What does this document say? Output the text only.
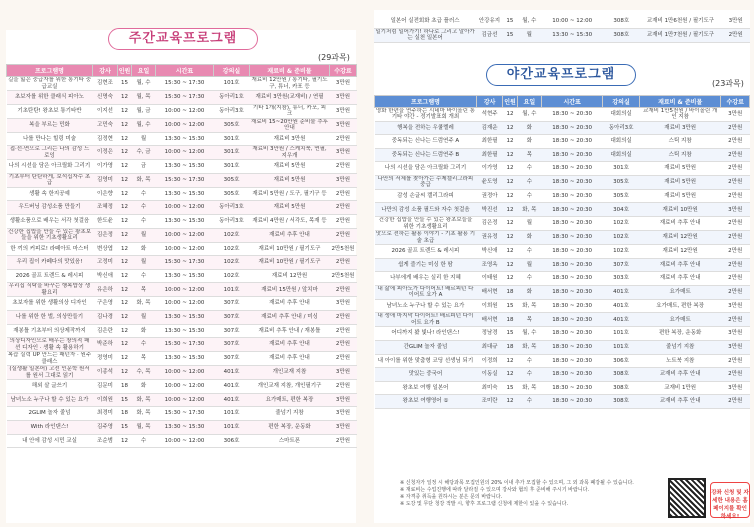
프로그램명	강사	인원	요일	시간표	강의실	재료비 & 준비물	수강료
길을 잃은 중급자를 위한 통기타 중급교실	김현조	15	월, 수	15:30 ~ 17:30	101호	재료비 12만원 / 통기타, 필기도구, 튜너, 카포 등	3만원
초보자를 위한 클래식 피아노	신명숙	12	월, 목	15:30 ~ 17:30	동아리1호	재료비 3만원(교재비) / 연필	3만원
기초탄탄! 왕초보 통기타반	이지선	12	월, 금	10:00 ~ 12:00	동아리3호	기타 1개(지참), 튜너, 카포, 피크	3만원
복을 부르는 민화	고민숙	12	월, 수	10:00 ~ 12:00	305호	재료비 15~20만원 준비물 추후 안내	3만원
나를 만나는 힐링 미술	김정현	12	월	13:30 ~ 15:30	301호	재료비 3만원	2만원
접·선·면으로 그리는 나의 감성 드로잉	이정은	12	수, 금	10:00 ~ 12:00	301호	재료비 3만원 / 스케치북, 연필, 지우개	3만원
나의 시선을 담은 아크릴화 그리기	이가영	12	금	13:30 ~ 15:30	301호	재료비 5만원	2만원
기초부터 탄탄하게, 보석십자수 초급	김영미	12	화, 목	15:30 ~ 17:30	305호	재료비 5만원	3만원
생활 속 한지공예	이은향	12	수	13:30 ~ 15:30	305호	재료비 5만원 / 도구, 필기구 등	2만원
우드버닝 감성소품 만들기	조혜정	12	수	10:00 ~ 12:00	동아리3호	재료비 5만원	2만원
생활소품으로 배우는 서각 첫걸음	한도윤	12	수	13:30 ~ 15:30	동아리3호	재료비 4만원 / 서각도, 목재 등	2만원
건강한 집밥을 만들 수 있는 왕초보들을 위한 기초생활요리	김은정	12	월	10:00 ~ 12:00	102호	재료비 추후 안내	2만원
한 끼의 커피로! 라떼아트 마스터	변상엽	12	화	10:00 ~ 12:00	102호	재료비 10만원 / 필기도구	2만5천원
우리 집이 카페다의 맛있음!	고정미	12	월	15:30 ~ 17:30	102호	재료비 10만원 / 필기도구	2만원
2026 골프 트렌드 & 레시피	박신애	12	수	13:30 ~ 15:30	102호	재료비 12만원	2만5천원
우리집 식탁을 바꾸는 행복밥상 생활요리	유은하	12	목	10:00 ~ 12:00	101호	재료비 15만원 / 앞치마	2만원
초보자를 위한 생활의상 디자인	구은영	12	화, 목	10:00 ~ 12:00	307호	재료비 추후 안내	3만원
나를 위한 한 벌, 의상만들기	김나경	12	월	13:30 ~ 15:30	307호	재료비 추후 안내 / 미싱	2만원
재봉틀 기초부터 의상제작까지	김은란	12	화	13:30 ~ 15:30	307호	재료비 추후 안내 / 재봉틀	2만원
의상디자인으로 배우는 창의적 패션 디자인 · 생활 속 활용하기	박준하	12	수	15:30 ~ 17:30	307호	재료비 추후 안내	2만원
복습 실력 UP 만드는 패턴자 · 원주 클래스	정영미	12	목	13:30 ~ 15:30	307호	재료비 추후 안내	2만원
(실생활 일본어) 고전 인문학 원서를 원서 그대로 읽기	이종석	12	수, 목	10:00 ~ 12:00	401호	개인교재 지참	3만원
해외 살 글쓰기	김문미	18	화	10:00 ~ 12:00	401호	개인교재 지참, 개인필기구	2만원
남녀노소 누구나 할 수 있는 요가	이희원	15	화, 목	10:00 ~ 12:00	401호	요가매트, 편한 복장	3만원
2GLIM 놀자 줄넘	최경미	18	화, 목	15:30 ~ 17:30	101호	줄넘기 지참	3만원
With 라인댄스!	김주영	15	월, 목	13:30 ~ 15:30	101호	편한 복장, 운동화	3만원
내 안에 감성 시민 교실	조순범	12	수	10:00 ~ 12:00	306호	스마트폰	2만원
주간교육프로그램
(29과목)
일본어 실전회화 초급 플러스	안강유지	15	월, 수	10:00 ~ 12:00	308호	교재비 1만6천원 / 필기도구	3만원
일기처럼 일어가기! 하나로 그리고 알아가는 실천 일본어	김금선	15	월	13:30 ~ 15:30	308호	교재비 1만7천원 / 필기도구	2만원
프로그램명	강사	인원	요일	시간표	강의실	재료비 & 준비물	수강료
영화 한편을 연주하는 시네마 바이올린 통기타 야간 - 정기발표회 개최	석현주	12	월, 수	18:30 ~ 20:30	대회의실	교재비 1만5천원 / 바이올린 개인 지참	3만원
행복을 전하는 우쿨렐레	김재운	12	화	18:30 ~ 20:30	동아리3호	재료비 3만원	2만원
중독되는 신나는 드럼연주 A	최한필	12	화	18:30 ~ 20:30	대회의실	스틱 지참	2만원
중독되는 신나는 드럼연주 B	최한필	12	목	18:30 ~ 20:30	대회의실	스틱 지참	2만원
나의 시선을 담은 아크릴화 그리기	이가영	12	수	18:30 ~ 20:30	301호	재료비 5만원	2만원
나만의 서체를 찾아가는 수제캘리그라피 중급	윤도영	12	수	18:30 ~ 20:30	305호	재료비 5만원	2만원
감성 손글씨 캘리그라피	권정아	12	수	18:30 ~ 20:30	305호	재료비 5만원	2만원
나만의 감성 소품 필드와 자수 첫걸음	박진선	12	화, 목	18:30 ~ 20:30	304호	재료비 10만원	3만원
건강한 집밥을 만들 수 있는 왕초보들을 위한 기초생활요리	김은정	12	월	18:30 ~ 20:30	102호	재료비 추후 안내	2만원
맛으로 전하는 활용 이야기 - 기초 활용 기술 초급	권유정	12	화	18:30 ~ 20:30	102호	재료비 12만원	2만원
2026 골프 트렌드 & 레시피	박신애	12	수	18:30 ~ 20:30	102호	재료비 12만원	2만원
쉽게 즐기는 미싱 한 땀	조영옥	12	월	18:30 ~ 20:30	307호	재료비 추후 안내	2만원
나부에게 배우는 실리 한 지혜	이태원	12	수	18:30 ~ 20:30	303호	재료비 추후 안내	2만원
내 삶에 피아노가 다이어트! 배르피턴 다이어트 요가 A	배서현	18	화	18:30 ~ 20:30	401호	요가매트	2만원
남녀노소 누구나 할 수 있는 요가	이희원	15	화, 목	18:30 ~ 20:30	401호	요가매트, 편한 복장	3만원
내 생애 마지막 다이어트! 배르피턴 다이어트 요가 B	배서현	18	목	18:30 ~ 20:30	401호	요가매트	2만원
어디까지 봤 빛나! 라인댄스!	정남경	15	월, 수	18:30 ~ 20:30	101호	편한 복장, 운동화	3만원
간GLIM 놀자 줄넘	최대규	18	화, 목	18:30 ~ 20:30	101호	줄넘기 지참	3만원
내 아이를 위한 맞춤형 코딩 선생님 되기	이정희	12	수	18:30 ~ 20:30	306호	노트북 지참	2만원
맛있는 중국어	이동실	12	수	18:30 ~ 20:30	308호	교재비 추후 안내	2만원
왕초보 여행 일본어	최미숙	15	화, 목	18:30 ~ 20:30	308호	교재비 1만원	3만원
왕초보 여행영어 ①	조미란	12	수	18:30 ~ 20:30	308호	교재비 추후 안내	2만원
야간교육프로그램
(23과목)
※ 신청자가 일정 시 해당과목 모집인원의 20% 이내 추가 모집할 수 있으며, 그 외 과목 폐강될 수 있습니다.
※ 재료비는 수업진행에 따라 달라질 수 있으며 강사와 협의 후 준비해 주시기 바랍니다.
※ 자격증 취득을 원하시는 분은 문의 바랍니다.
※ 도강 및 무단 청강 적발 시, 향후 프로그램 신청에 제한이 있을 수 있습니다.
강좌 신청 및 자세한 내용은 홈페이지를 확인하세요!
